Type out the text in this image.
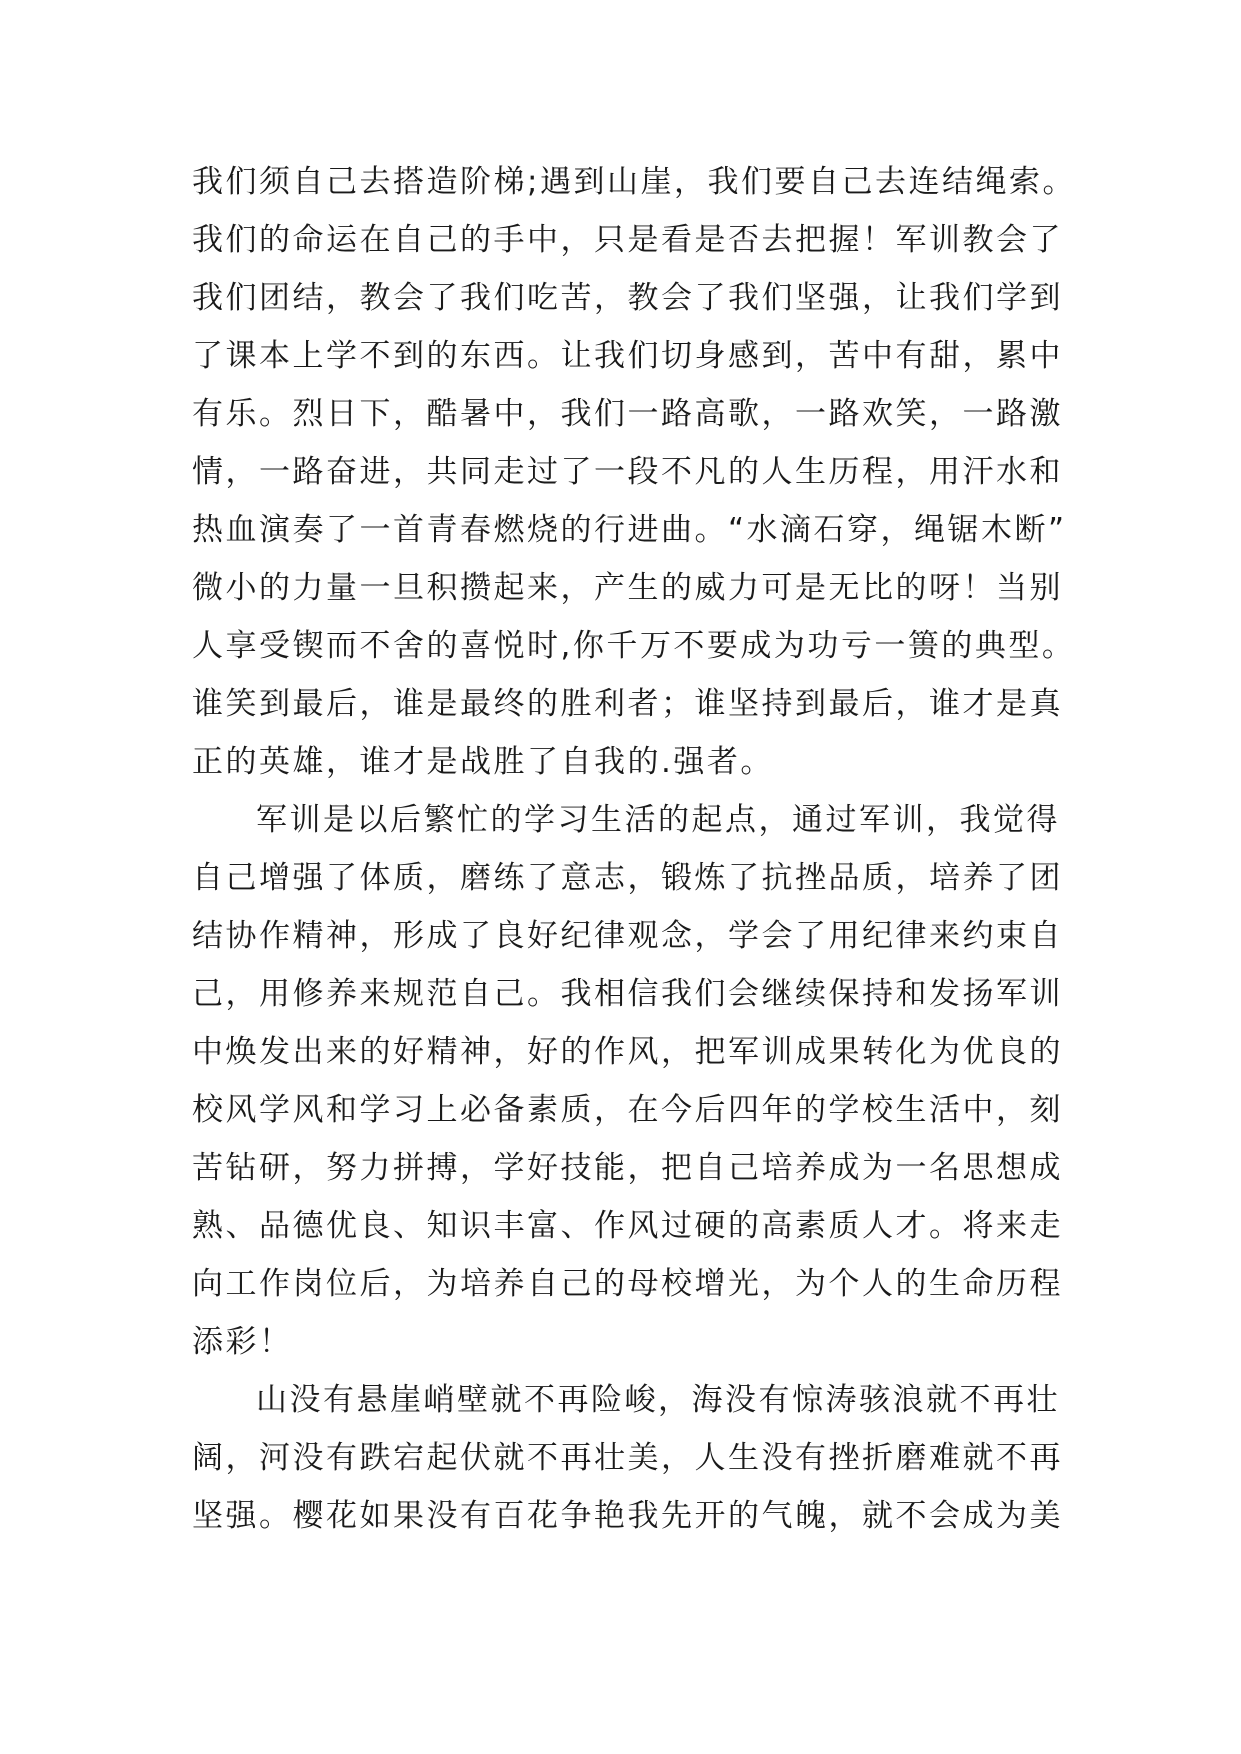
我们须自己去搭造阶梯;遇到山崖，我们要自己去连结绳索。
我们的命运在自己的手中，只是看是否去把握！军训教会了
我们团结，教会了我们吃苦，教会了我们坚强，让我们学到
了课本上学不到的东西。让我们切身感到，苦中有甜，累中
有乐。烈日下，酷暑中，我们一路高歌，一路欢笑，一路激
情，一路奋进，共同走过了一段不凡的人生历程，用汗水和
热血演奏了一首青春燃烧的行进曲。“水滴石穿，绳锯木断”
微小的力量一旦积攒起来，产生的威力可是无比的呀！当别
人享受锲而不舍的喜悦时,你千万不要成为功亏一篑的典型。
谁笑到最后，谁是最终的胜利者；谁坚持到最后，谁才是真
正的英雄，谁才是战胜了自我的.强者。
军训是以后繁忙的学习生活的起点，通过军训，我觉得
自己增强了体质，磨练了意志，锻炼了抗挫品质，培养了团
结协作精神，形成了良好纪律观念，学会了用纪律来约束自
己，用修养来规范自己。我相信我们会继续保持和发扬军训
中焕发出来的好精神，好的作风，把军训成果转化为优良的
校风学风和学习上必备素质，在今后四年的学校生活中，刻
苦钻研，努力拼搏，学好技能，把自己培养成为一名思想成
熟、品德优良、知识丰富、作风过硬的高素质人才。将来走
向工作岗位后，为培养自己的母校增光，为个人的生命历程
添彩！
山没有悬崖峭壁就不再险峻，海没有惊涛骇浪就不再壮
阔，河没有跌宕起伏就不再壮美，人生没有挫折磨难就不再
坚强。樱花如果没有百花争艳我先开的气魄，就不会成为美
